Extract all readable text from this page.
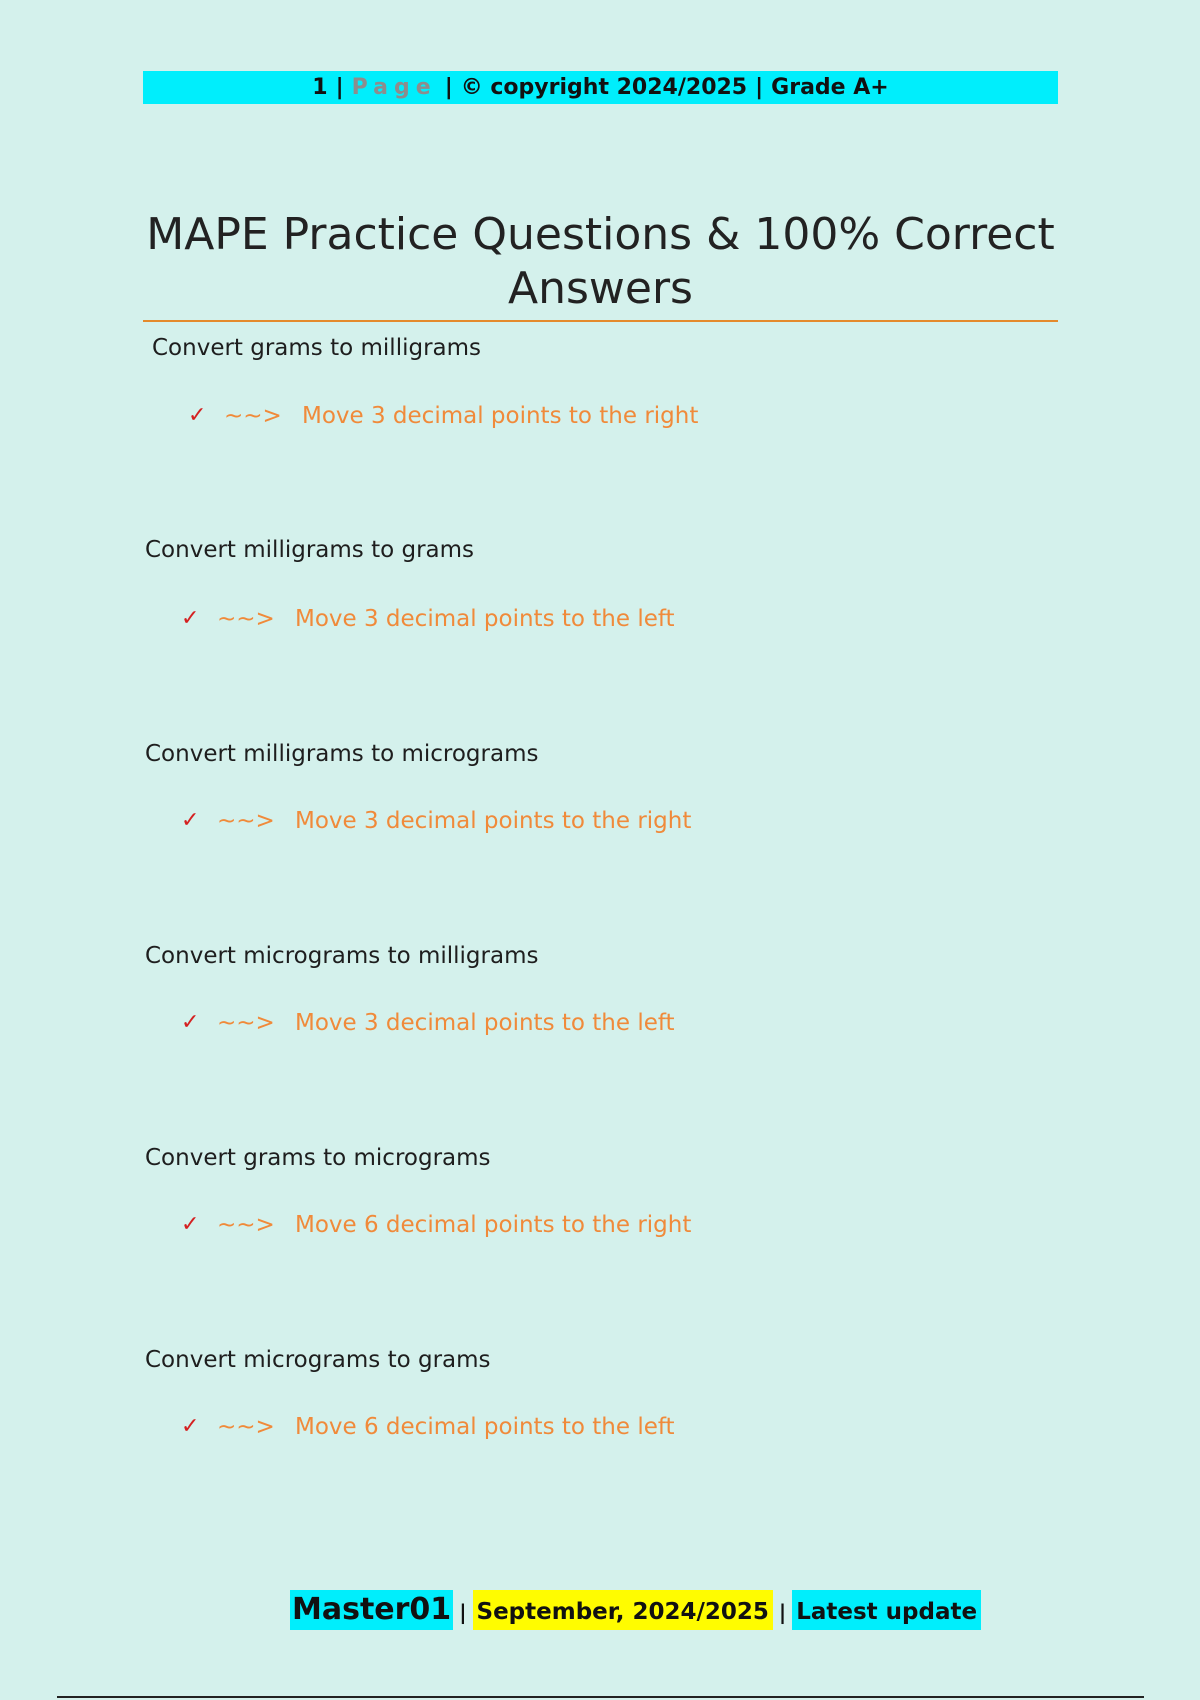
1 | Page | © copyright 2024/2025 | Grade A+
MAPE Practice Questions & 100% Correct Answers
Convert grams to milligrams
✓ ~~> Move 3 decimal points to the right
Convert milligrams to grams
✓ ~~> Move 3 decimal points to the left
Convert milligrams to micrograms
✓ ~~> Move 3 decimal points to the right
Convert micrograms to milligrams
✓ ~~> Move 3 decimal points to the left
Convert grams to micrograms
✓ ~~> Move 6 decimal points to the right
Convert micrograms to grams
✓ ~~> Move 6 decimal points to the left
Master01 | September, 2024/2025 | Latest update
